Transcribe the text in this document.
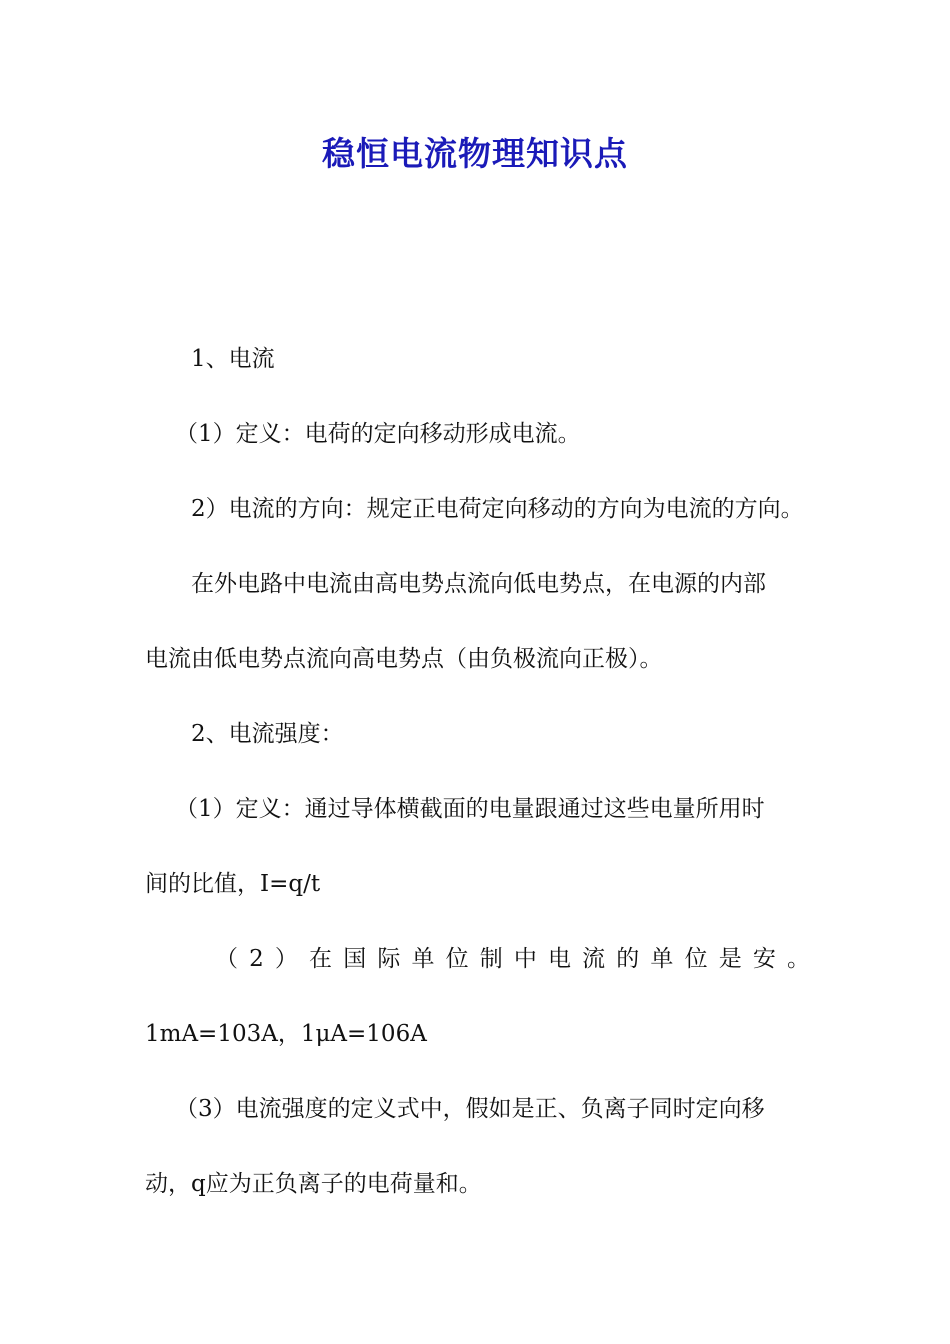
稳恒电流物理知识点

1、电流

（1）定义：电荷的定向移动形成电流。

2）电流的方向：规定正电荷定向移动的方向为电流的方向。

在外电路中电流由高电势点流向低电势点，在电源的内部

电流由低电势点流向高电势点（由负极流向正极）。

2、电流强度：

（1）定义：通过导体横截面的电量跟通过这些电量所用时

间的比值，I=q/t

（2）在国际单位制中电流的单位是安。

1mA=103A，1μA=106A

（3）电流强度的定义式中，假如是正、负离子同时定向移

动，q应为正负离子的电荷量和。
